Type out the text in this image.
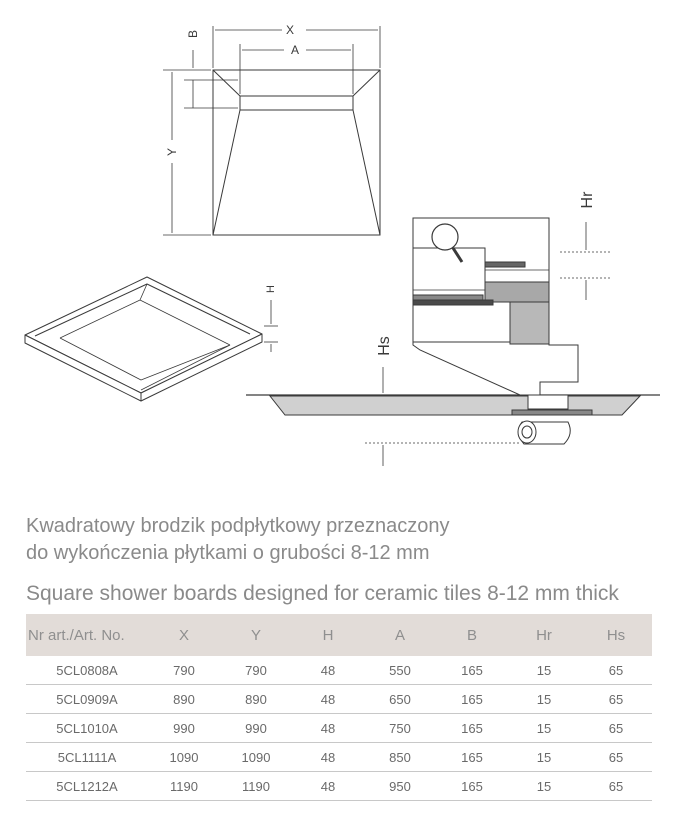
X
A
B
Y
H
Hr
Hs
Kwadratowy brodzik podpłytkowy przeznaczony
do wykończenia płytkami o grubości 8-12 mm
Square shower boards designed for ceramic tiles 8-12 mm thick
Nr art./Art. No.	X	Y	H	A	B	Hr	Hs
5CL0808A	790	790	48	550	165	15	65
5CL0909A	890	890	48	650	165	15	65
5CL1010A	990	990	48	750	165	15	65
5CL1111A	1090	1090	48	850	165	15	65
5CL1212A	1190	1190	48	950	165	15	65
